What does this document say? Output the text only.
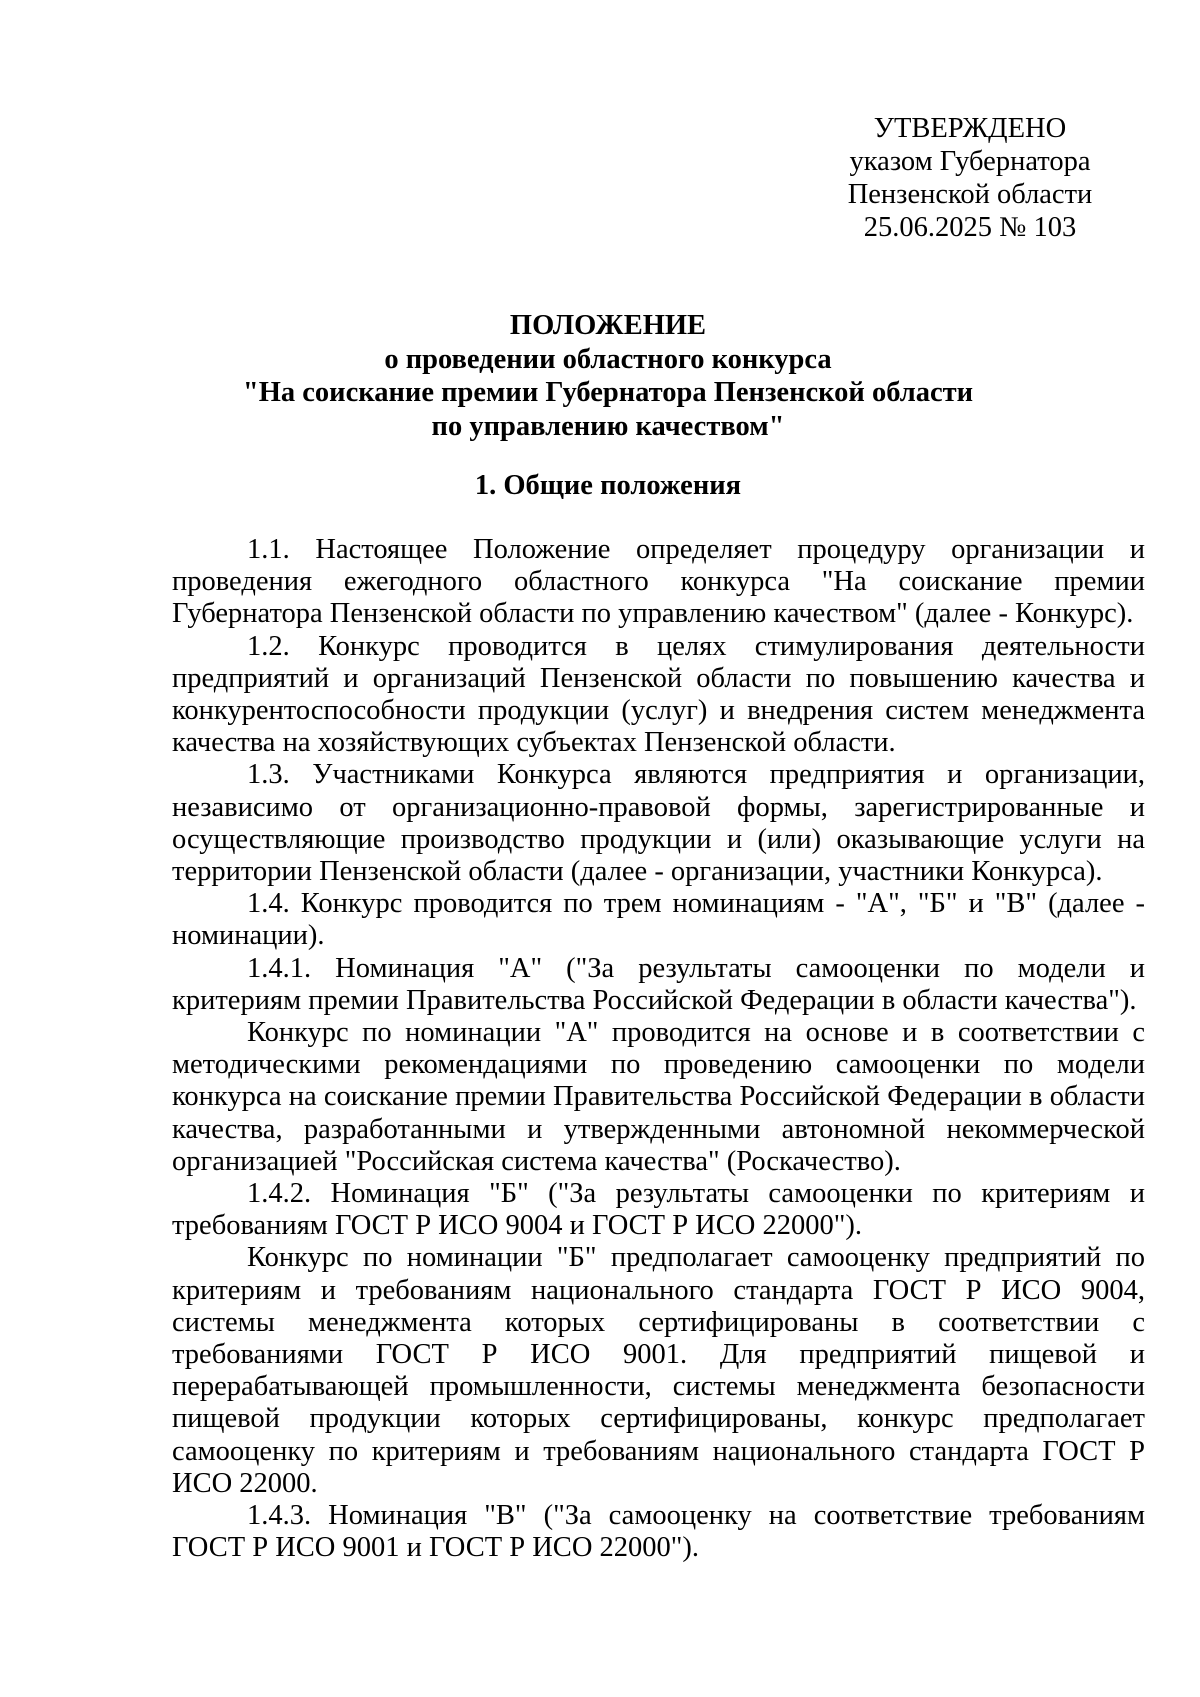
УТВЕРЖДЕНО
указом Губернатора
Пензенской области
25.06.2025 № 103
ПОЛОЖЕНИЕ
о проведении областного конкурса
"На соискание премии Губернатора Пензенской области
по управлению качеством"
1. Общие положения

1.1. Настоящее Положение определяет процедуру организации и проведения ежегодного областного конкурса "На соискание премии Губернатора Пензенской области по управлению качеством" (далее - Конкурс).

1.2. Конкурс проводится в целях стимулирования деятельности предприятий и организаций Пензенской области по повышению качества и конкурентоспособности продукции (услуг) и внедрения систем менеджмента качества на хозяйствующих субъектах Пензенской области.

1.3. Участниками Конкурса являются предприятия и организации, независимо от организационно-правовой формы, зарегистрированные и осуществляющие производство продукции и (или) оказывающие услуги на территории Пензенской области (далее - организации, участники Конкурса).

1.4. Конкурс проводится по трем номинациям - "А", "Б" и "В" (далее - номинации).

1.4.1. Номинация "А" ("За результаты самооценки по модели и критериям премии Правительства Российской Федерации в области качества").

Конкурс по номинации "А" проводится на основе и в соответствии с методическими рекомендациями по проведению самооценки по модели конкурса на соискание премии Правительства Российской Федерации в области качества, разработанными и утвержденными автономной некоммерческой организацией "Российская система качества" (Роскачество).

1.4.2. Номинация "Б" ("За результаты самооценки по критериям и требованиям ГОСТ Р ИСО 9004 и ГОСТ Р ИСО 22000").

Конкурс по номинации "Б" предполагает самооценку предприятий по критериям и требованиям национального стандарта ГОСТ Р ИСО 9004, системы менеджмента которых сертифицированы в соответствии с требованиями ГОСТ Р ИСО 9001. Для предприятий пищевой и перерабатывающей промышленности, системы менеджмента безопасности пищевой продукции которых сертифицированы, конкурс предполагает самооценку по критериям и требованиям национального стандарта ГОСТ Р ИСО 22000.

1.4.3. Номинация "В" ("За самооценку на соответствие требованиям ГОСТ Р ИСО 9001 и ГОСТ Р ИСО 22000").
